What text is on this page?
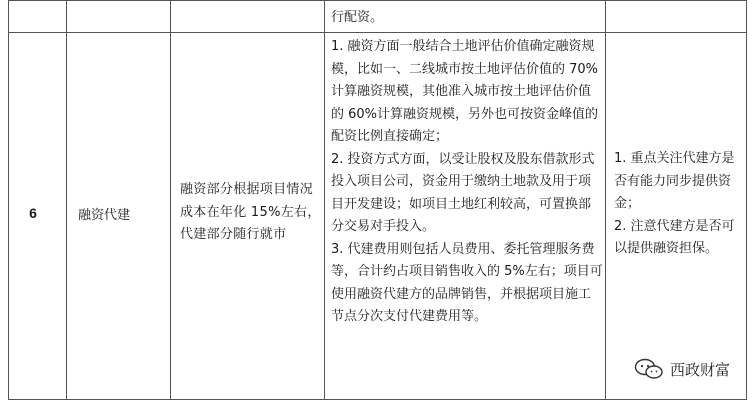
行配资。
6	融资代建

融资部分根据项目情况成本在年化 15%左右，代建部分随行就市

1. 融资方面一般结合土地评估价值确定融资规模，比如一、二线城市按土地评估价值的 70%计算融资规模，其他准入城市按土地评估价值的 60%计算融资规模，另外也可按资金峰值的配资比例直接确定；

2. 投资方式方面，以受让股权及股东借款形式投入项目公司，资金用于缴纳土地款及用于项目开发建设；如项目土地红利较高，可置换部分交易对手投入。

3. 代建费用则包括人员费用、委托管理服务费等，合计约占项目销售收入的 5%左右；项目可使用融资代建方的品牌销售，并根据项目施工节点分次支付代建费用等。

1. 重点关注代建方是否有能力同步提供资金；

2. 注意代建方是否可以提供融资担保。

西政财富
